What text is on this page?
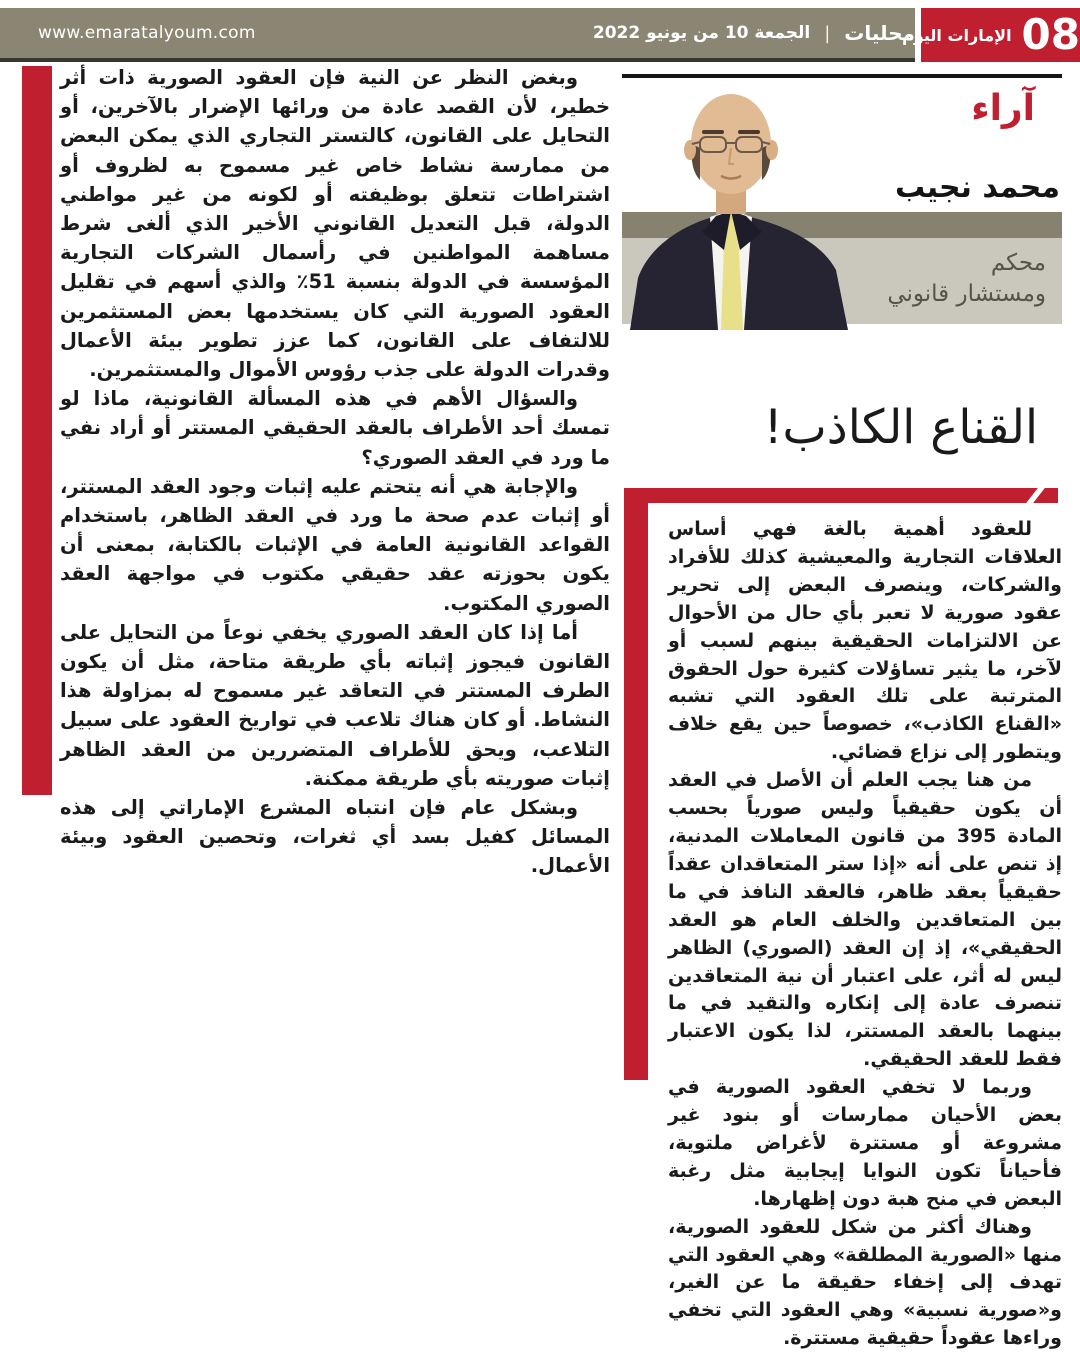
www.emaratalyoum.com	محليات
|
الجمعة 10 من يونيو 2022	08
الإمارات اليوم

وبغض النظر عن النية فإن العقود الصورية ذات أثر خطير، لأن القصد عادة من ورائها الإضرار بالآخرين، أو التحايل على القانون، كالتستر التجاري الذي يمكن البعض من ممارسة نشاط خاص غير مسموح به لظروف أو اشتراطات تتعلق بوظيفته أو لكونه من غير مواطني الدولة، قبل التعديل القانوني الأخير الذي ألغى شرط مساهمة المواطنين في رأسمال الشركات التجارية المؤسسة في الدولة بنسبة 51٪ والذي أسهم في تقليل العقود الصورية التي كان يستخدمها بعض المستثمرين للالتفاف على القانون، كما عزز تطوير بيئة الأعمال وقدرات الدولة على جذب رؤوس الأموال والمستثمرين.

والسؤال الأهم في هذه المسألة القانونية، ماذا لو تمسك أحد الأطراف بالعقد الحقيقي المستتر أو أراد نفي ما ورد في العقد الصوري؟

والإجابة هي أنه يتحتم عليه إثبات وجود العقد المستتر، أو إثبات عدم صحة ما ورد في العقد الظاهر، باستخدام القواعد القانونية العامة في الإثبات بالكتابة، بمعنى أن يكون بحوزته عقد حقيقي مكتوب في مواجهة العقد الصوري المكتوب.

أما إذا كان العقد الصوري يخفي نوعاً من التحايل على القانون فيجوز إثباته بأي طريقة متاحة، مثل أن يكون الطرف المستتر في التعاقد غير مسموح له بمزاولة هذا النشاط. أو كان هناك تلاعب في تواريخ العقود على سبيل التلاعب، ويحق للأطراف المتضررين من العقد الظاهر إثبات صوريته بأي طريقة ممكنة.

وبشكل عام فإن انتباه المشرع الإماراتي إلى هذه المسائل كفيل بسد أي ثغرات، وتحصين العقود وبيئة الأعمال.

آراء
محمد نجيب
محكم
ومستشار قانوني
القناع الكاذب!

للعقود أهمية بالغة فهي أساس العلاقات التجارية والمعيشية كذلك للأفراد والشركات، وينصرف البعض إلى تحرير عقود صورية لا تعبر بأي حال من الأحوال عن الالتزامات الحقيقية بينهم لسبب أو لآخر، ما يثير تساؤلات كثيرة حول الحقوق المترتبة على تلك العقود التي تشبه «القناع الكاذب»، خصوصاً حين يقع خلاف ويتطور إلى نزاع قضائي.

من هنا يجب العلم أن الأصل في العقد أن يكون حقيقياً وليس صورياً بحسب المادة 395 من قانون المعاملات المدنية، إذ تنص على أنه «إذا ستر المتعاقدان عقداً حقيقياً بعقد ظاهر، فالعقد النافذ في ما بين المتعاقدين والخلف العام هو العقد الحقيقي»، إذ إن العقد (الصوري) الظاهر ليس له أثر، على اعتبار أن نية المتعاقدين تنصرف عادة إلى إنكاره والتقيد في ما بينهما بالعقد المستتر، لذا يكون الاعتبار فقط للعقد الحقيقي.

وربما لا تخفي العقود الصورية في بعض الأحيان ممارسات أو بنود غير مشروعة أو مستترة لأغراض ملتوية، فأحياناً تكون النوايا إيجابية مثل رغبة البعض في منح هبة دون إظهارها.

وهناك أكثر من شكل للعقود الصورية، منها «الصورية المطلقة» وهي العقود التي تهدف إلى إخفاء حقيقة ما عن الغير، و«صورية نسبية» وهي العقود التي تخفي وراءها عقوداً حقيقية مستترة.
